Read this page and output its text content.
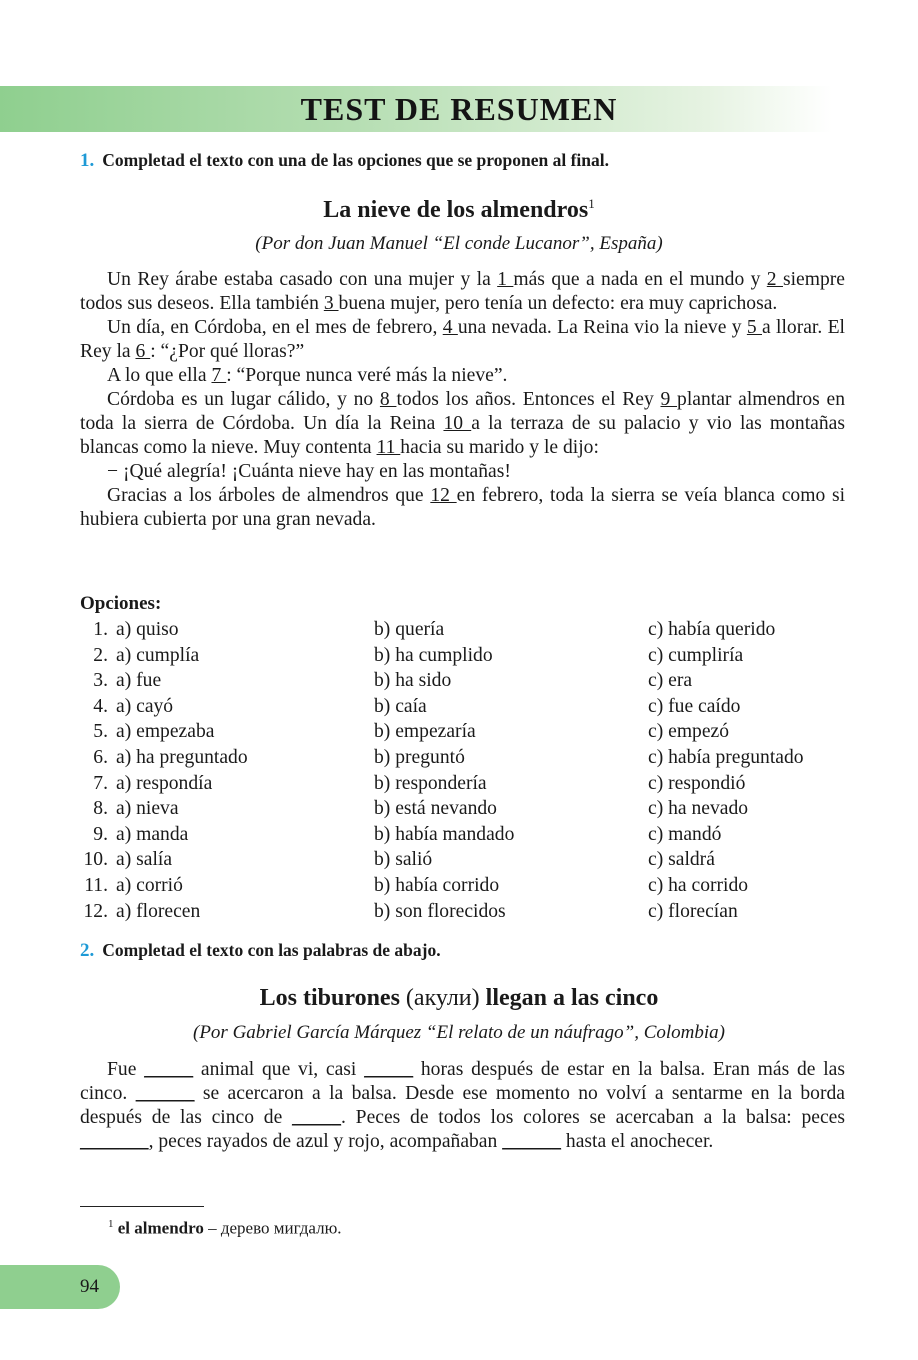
TEST DE RESUMEN
1. Completad el texto con una de las opciones que se proponen al final.
La nieve de los almendros$^1$
(Por don Juan Manuel “El conde Lucanor”, España)

Un Rey árabe estaba casado con una mujer y la 1 más que a nada en el mundo y 2 siempre todos sus deseos. Ella también 3 buena mujer, pero tenía un defecto: era muy caprichosa.

Un día, en Córdoba, en el mes de febrero, 4 una nevada. La Reina vio la nieve y 5 a llorar. El Rey la 6 : “¿Por qué lloras?”

A lo que ella 7 : “Porque nunca veré más la nieve”.

Córdoba es un lugar cálido, y no 8 todos los años. Entonces el Rey 9 plantar almendros en toda la sierra de Córdoba. Un día la Reina 10 a la terraza de su palacio y vio las montañas blancas como la nieve. Muy contenta 11 hacia su marido y le dijo:

− ¡Qué alegría! ¡Cuánta nieve hay en las montañas!

Gracias a los árboles de almendros que 12 en febrero, toda la sierra se veía blanca como si hubiera cubierta por una gran nevada.

Opciones:
1. a) quiso	b) quería	c) había querido
2. a) cumplía	b) ha cumplido	c) cumpliría
3. a) fue	b) ha sido	c) era
4. a) cayó	b) caía	c) fue caído
5. a) empezaba	b) empezaría	c) empezó
6. a) ha preguntado	b) preguntó	c) había preguntado
7. a) respondía	b) respondería	c) respondió
8. a) nieva	b) está nevando	c) ha nevado
9. a) manda	b) había mandado	c) mandó
10. a) salía	b) salió	c) saldrá
11. a) corrió	b) había corrido	c) ha corrido
12. a) florecen	b) son florecidos	c) florecían
2. Completad el texto con las palabras de abajo.
Los tiburones (акули) llegan a las cinco
(Por Gabriel García Márquez “El relato de un náufrago”, Colombia)

Fue _____ animal que vi, casi _____ horas después de estar en la balsa. Eran más de las cinco. ______ se acercaron a la balsa. Desde ese momento no volví a sentarme en la borda después de las cinco de _____. Peces de todos los colores se acercaban a la balsa: peces _______, peces rayados de azul y rojo, acompañaban ______ hasta el anochecer.

$^1$ el almendro – дерево мигдалю.
94
